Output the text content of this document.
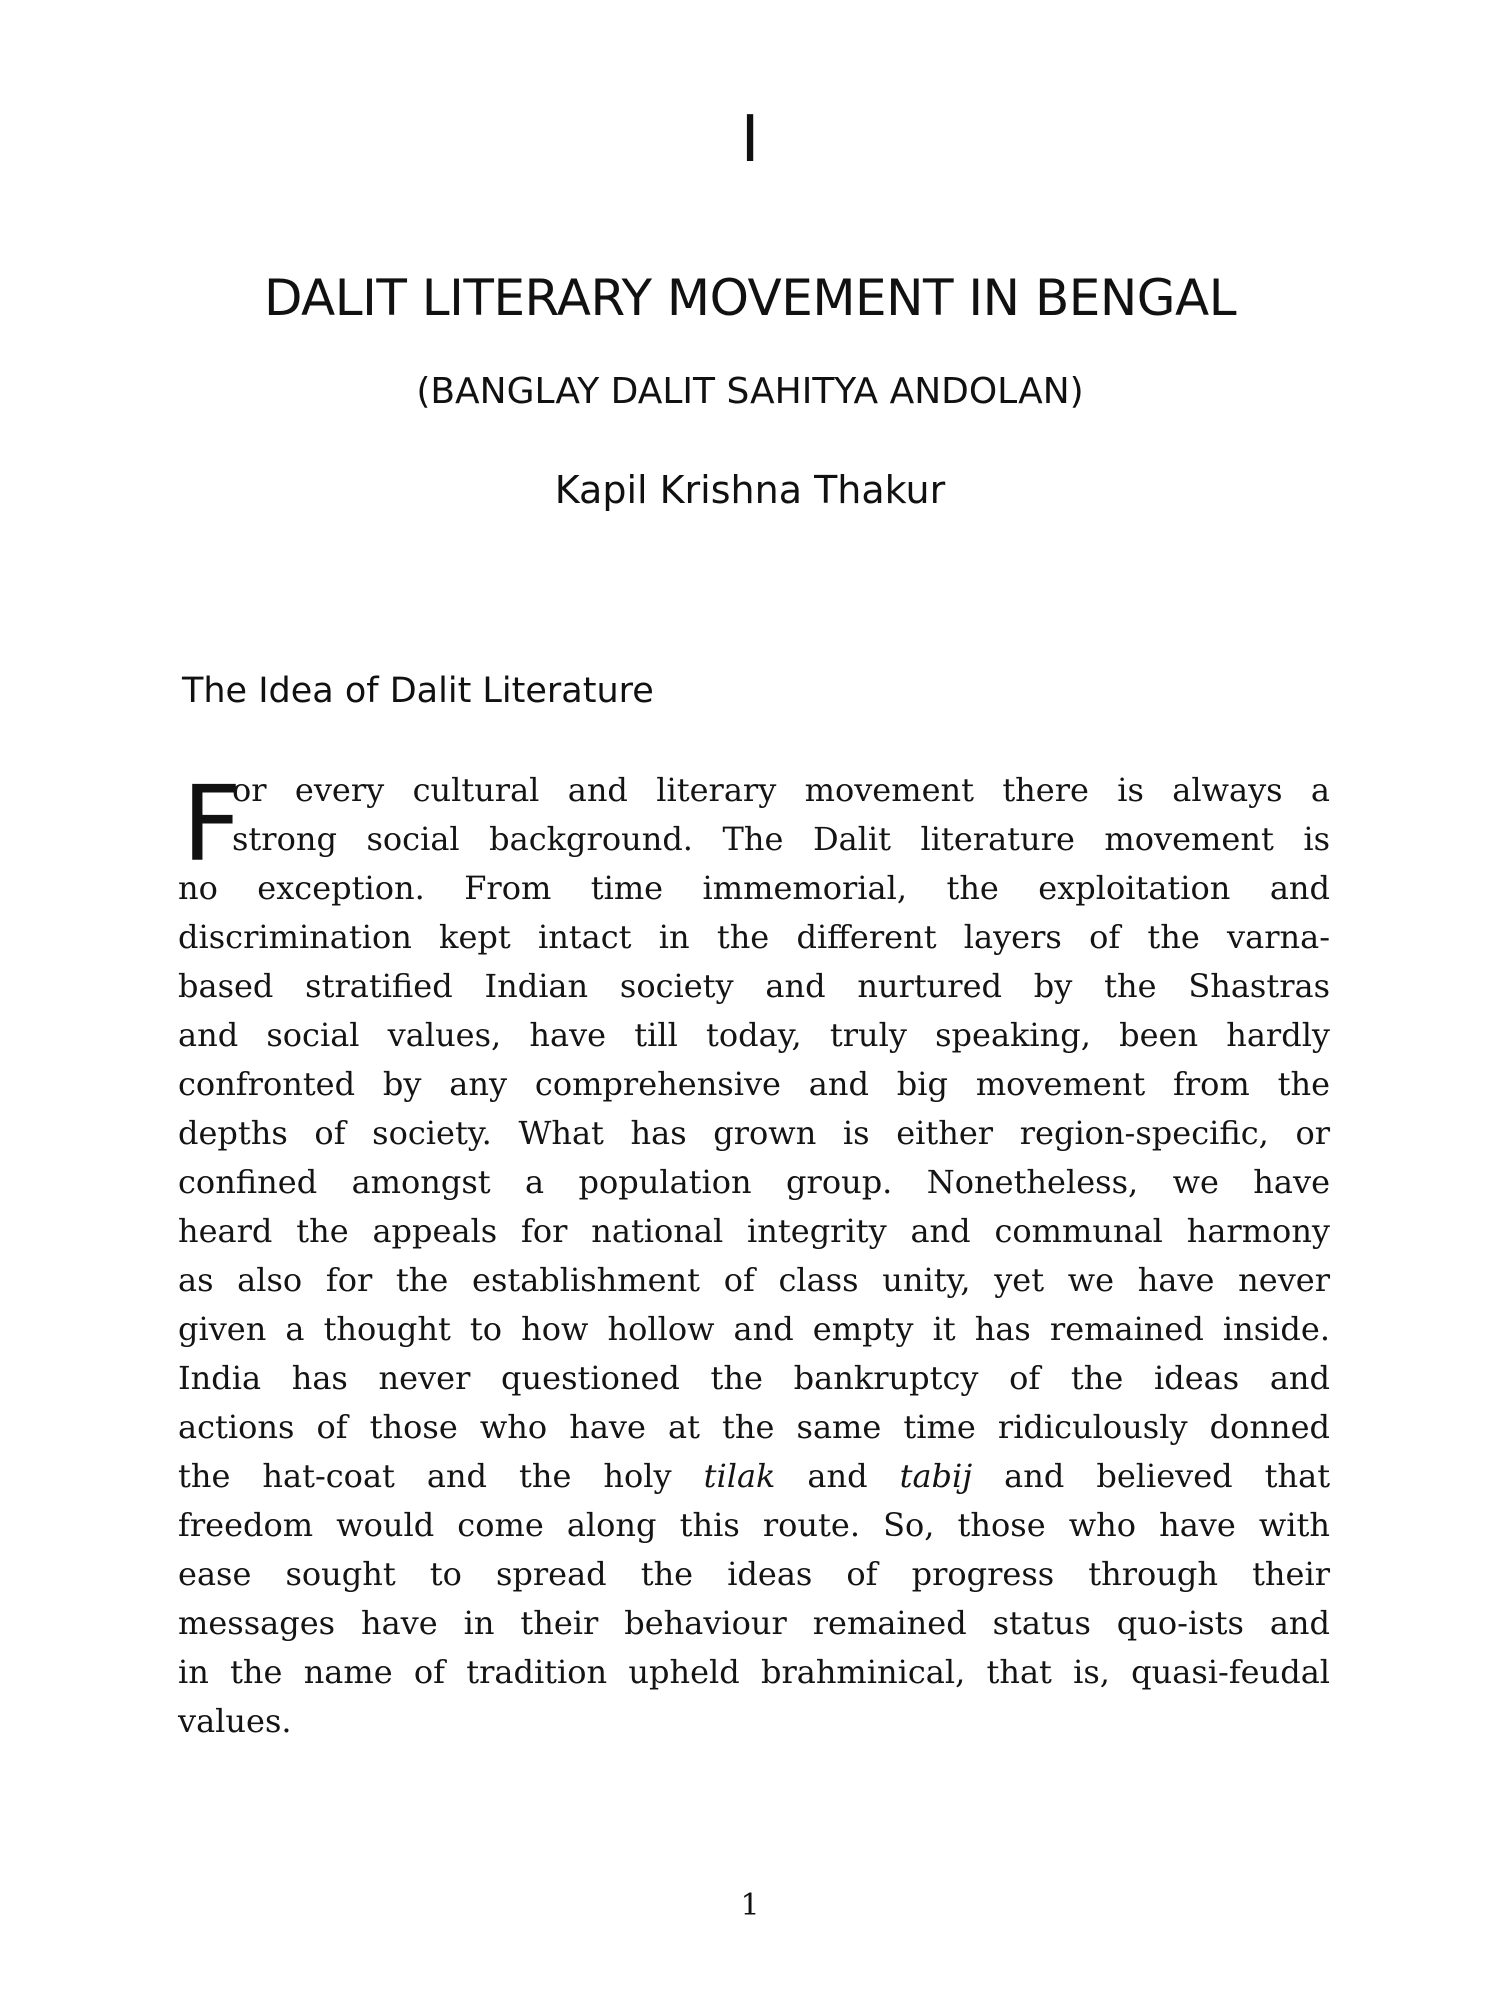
I
DALIT LITERARY MOVEMENT IN BENGAL
(BANGLAY DALIT SAHITYA ANDOLAN)
Kapil Krishna Thakur
The Idea of Dalit Literature
F
or every cultural and literary movement there is always a
strong social background. The Dalit literature movement is
no exception. From time immemorial, the exploitation and
discrimination kept intact in the different layers of the varna-
based stratified Indian society and nurtured by the Shastras
and social values, have till today, truly speaking, been hardly
confronted by any comprehensive and big movement from the
depths of society. What has grown is either region-specific, or
confined amongst a population group. Nonetheless, we have
heard the appeals for national integrity and communal harmony
as also for the establishment of class unity, yet we have never
given a thought to how hollow and empty it has remained inside.
India has never questioned the bankruptcy of the ideas and
actions of those who have at the same time ridiculously donned
the hat-coat and the holy tilak and tabij and believed that
freedom would come along this route. So, those who have with
ease sought to spread the ideas of progress through their
messages have in their behaviour remained status quo-ists and
in the name of tradition upheld brahminical, that is, quasi-feudal
values.
1
